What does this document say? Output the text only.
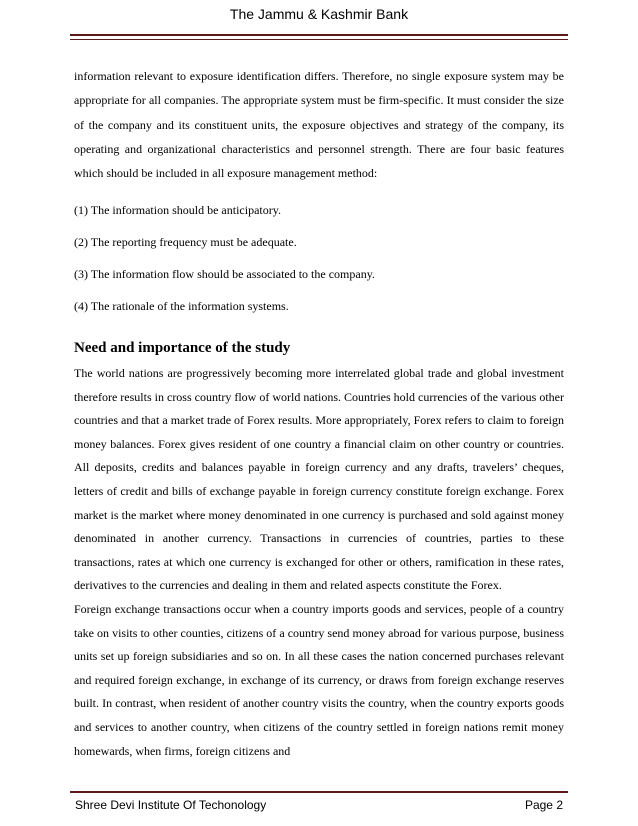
The Jammu & Kashmir Bank

information relevant to exposure identification differs. Therefore, no single exposure system may be appropriate for all companies. The appropriate system must be firm-specific. It must consider the size of the company and its constituent units, the exposure objectives and strategy of the company, its operating and organizational characteristics and personnel strength. There are four basic features which should be included in all exposure management method:

(1) The information should be anticipatory.

(2) The reporting frequency must be adequate.

(3) The information flow should be associated to the company.

(4) The rationale of the information systems.

Need and importance of the study

The world nations are progressively becoming more interrelated global trade and global investment therefore results in cross country flow of world nations. Countries hold currencies of the various other countries and that a market trade of Forex results. More appropriately, Forex refers to claim to foreign money balances. Forex gives resident of one country a financial claim on other country or countries. All deposits, credits and balances payable in foreign currency and any drafts, travelers’ cheques, letters of credit and bills of exchange payable in foreign currency constitute foreign exchange. Forex market is the market where money denominated in one currency is purchased and sold against money denominated in another currency. Transactions in currencies of countries, parties to these transactions, rates at which one currency is exchanged for other or others, ramification in these rates, derivatives to the currencies and dealing in them and related aspects constitute the Forex.

Foreign exchange transactions occur when a country imports goods and services, people of a country take on visits to other counties, citizens of a country send money abroad for various purpose, business units set up foreign subsidiaries and so on. In all these cases the nation concerned purchases relevant and required foreign exchange, in exchange of its currency, or draws from foreign exchange reserves built. In contrast, when resident of another country visits the country, when the country exports goods and services to another country, when citizens of the country settled in foreign nations remit money homewards, when firms, foreign citizens and

Shree Devi Institute Of Techonology	Page 2
